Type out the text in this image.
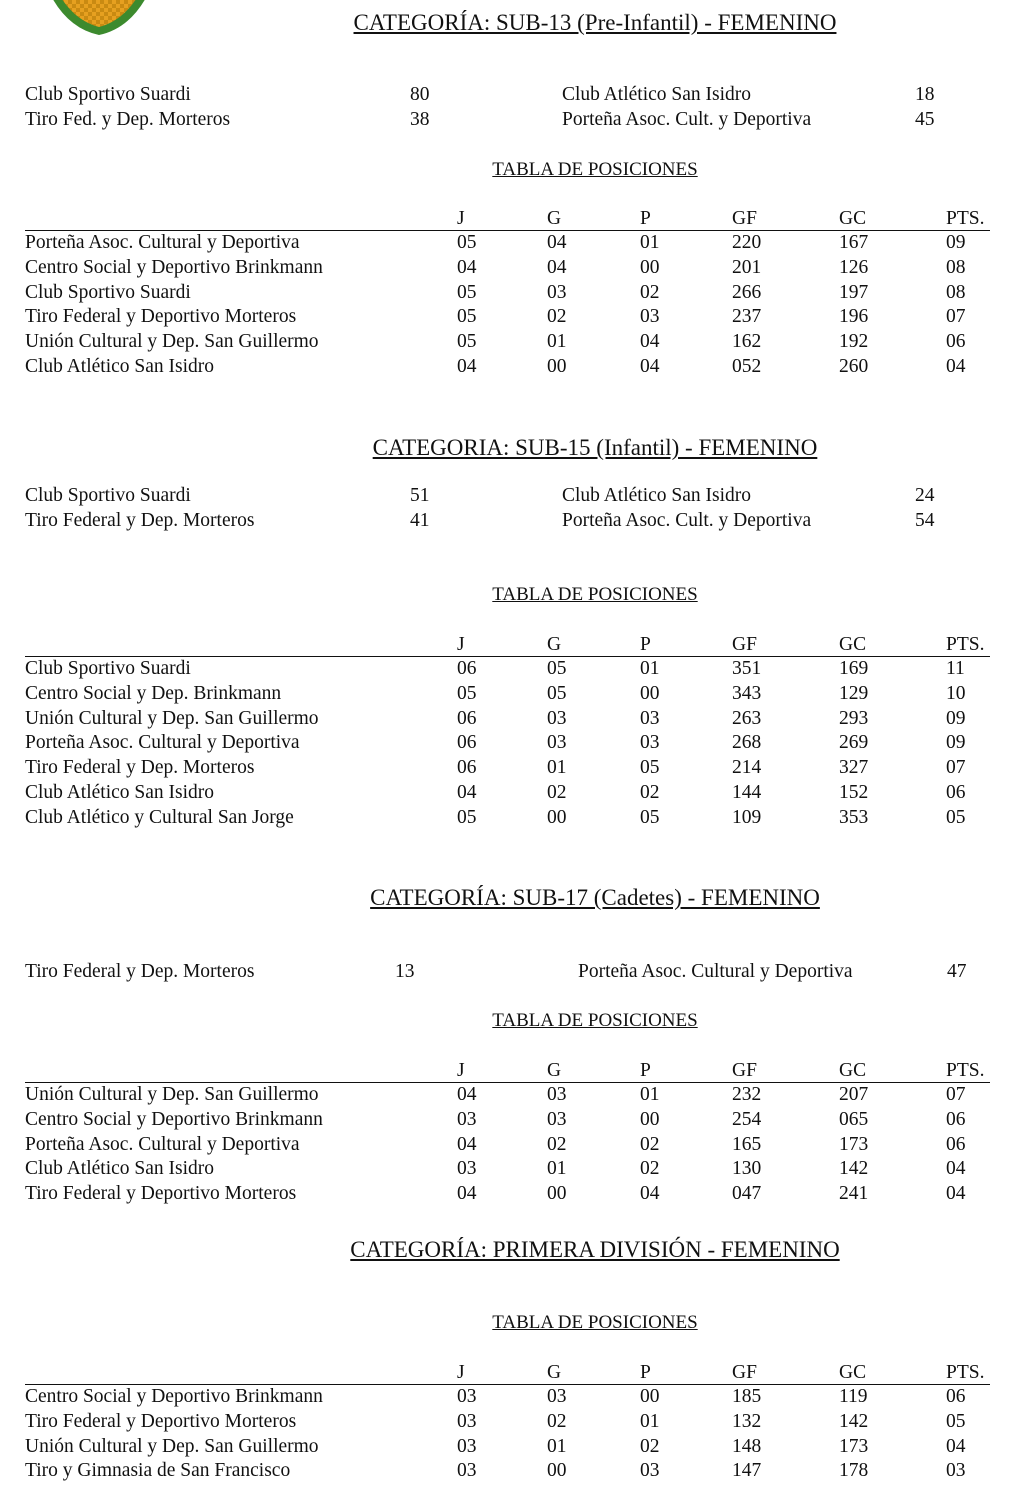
CATEGORÍA: SUB-13 (Pre-Infantil) - FEMENINO
Club Sportivo Suardi	80	Club Atlético San Isidro	18
Tiro Fed. y Dep. Morteros	38	Porteña Asoc. Cult. y Deportiva	45
TABLA DE POSICIONES
J	G	P	GF	GC	PTS.
Porteña Asoc. Cultural y Deportiva	05	04	01	220	167	09
Centro Social y Deportivo Brinkmann	04	04	00	201	126	08
Club Sportivo Suardi	05	03	02	266	197	08
Tiro Federal y Deportivo Morteros	05	02	03	237	196	07
Unión Cultural y Dep. San Guillermo	05	01	04	162	192	06
Club Atlético San Isidro	04	00	04	052	260	04
CATEGORIA: SUB-15 (Infantil) - FEMENINO
Club Sportivo Suardi	51	Club Atlético San Isidro	24
Tiro Federal y Dep. Morteros	41	Porteña Asoc. Cult. y Deportiva	54
TABLA DE POSICIONES
J	G	P	GF	GC	PTS.
Club Sportivo Suardi	06	05	01	351	169	11
Centro Social y Dep. Brinkmann	05	05	00	343	129	10
Unión Cultural y Dep. San Guillermo	06	03	03	263	293	09
Porteña Asoc. Cultural y Deportiva	06	03	03	268	269	09
Tiro Federal y Dep. Morteros	06	01	05	214	327	07
Club Atlético San Isidro	04	02	02	144	152	06
Club Atlético y Cultural San Jorge	05	00	05	109	353	05
CATEGORÍA: SUB-17 (Cadetes) - FEMENINO
Tiro Federal y Dep. Morteros	13	Porteña Asoc. Cultural y Deportiva	47
TABLA DE POSICIONES
J	G	P	GF	GC	PTS.
Unión Cultural y Dep. San Guillermo	04	03	01	232	207	07
Centro Social y Deportivo Brinkmann	03	03	00	254	065	06
Porteña Asoc. Cultural y Deportiva	04	02	02	165	173	06
Club Atlético San Isidro	03	01	02	130	142	04
Tiro Federal y Deportivo Morteros	04	00	04	047	241	04
CATEGORÍA: PRIMERA DIVISIÓN - FEMENINO
TABLA DE POSICIONES
J	G	P	GF	GC	PTS.
Centro Social y Deportivo Brinkmann	03	03	00	185	119	06
Tiro Federal y Deportivo Morteros	03	02	01	132	142	05
Unión Cultural y Dep. San Guillermo	03	01	02	148	173	04
Tiro y Gimnasia de San Francisco	03	00	03	147	178	03
